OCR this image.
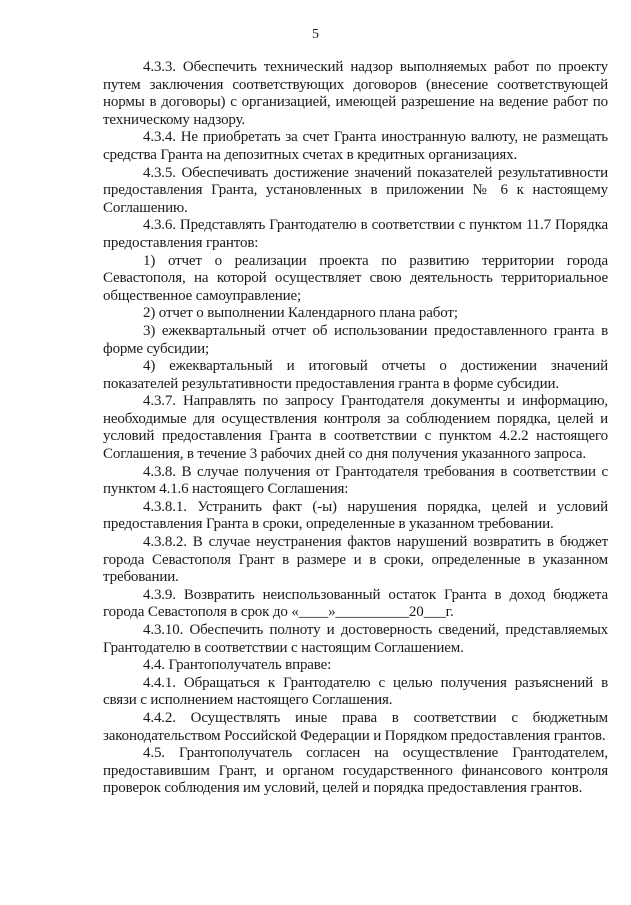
5

4.3.3. Обеспечить технический надзор выполняемых работ по проекту путем заключения соответствующих договоров (внесение соответствующей нормы в договоры) с организацией, имеющей разрешение на ведение работ по техническому надзору.

4.3.4. Не приобретать за счет Гранта иностранную валюту, не размещать средства Гранта на депозитных счетах в кредитных организациях.

4.3.5. Обеспечивать достижение значений показателей результативности предоставления Гранта, установленных в приложении № 6 к настоящему Соглашению.

4.3.6. Представлять Грантодателю в соответствии с пунктом 11.7 Порядка предоставления грантов:

1) отчет о реализации проекта по развитию территории города Севастополя, на которой осуществляет свою деятельность территориальное общественное самоуправление;

2) отчет о выполнении Календарного плана работ;

3) ежеквартальный отчет об использовании предоставленного гранта в форме субсидии;

4) ежеквартальный и итоговый отчеты о достижении значений показателей результативности предоставления гранта в форме субсидии.

4.3.7. Направлять по запросу Грантодателя документы и информацию, необходимые для осуществления контроля за соблюдением порядка, целей и условий предоставления Гранта в соответствии с пунктом 4.2.2 настоящего Соглашения, в течение 3 рабочих дней со дня получения указанного запроса.

4.3.8. В случае получения от Грантодателя требования в соответствии с пунктом 4.1.6 настоящего Соглашения:

4.3.8.1. Устранить факт (-ы) нарушения порядка, целей и условий предоставления Гранта в сроки, определенные в указанном требовании.

4.3.8.2. В случае неустранения фактов нарушений возвратить в бюджет города Севастополя Грант в размере и в сроки, определенные в указанном требовании.

4.3.9. Возвратить неиспользованный остаток Гранта в доход бюджета города Севастополя в срок до «____»__________20___г.

4.3.10. Обеспечить полноту и достоверность сведений, представляемых Грантодателю в соответствии с настоящим Соглашением.

4.4. Грантополучатель вправе:

4.4.1. Обращаться к Грантодателю с целью получения разъяснений в связи с исполнением настоящего Соглашения.

4.4.2. Осуществлять иные права в соответствии с бюджетным законодательством Российской Федерации и Порядком предоставления грантов.

4.5. Грантополучатель согласен на осуществление Грантодателем, предоставившим Грант, и органом государственного финансового контроля проверок соблюдения им условий, целей и порядка предоставления грантов.
